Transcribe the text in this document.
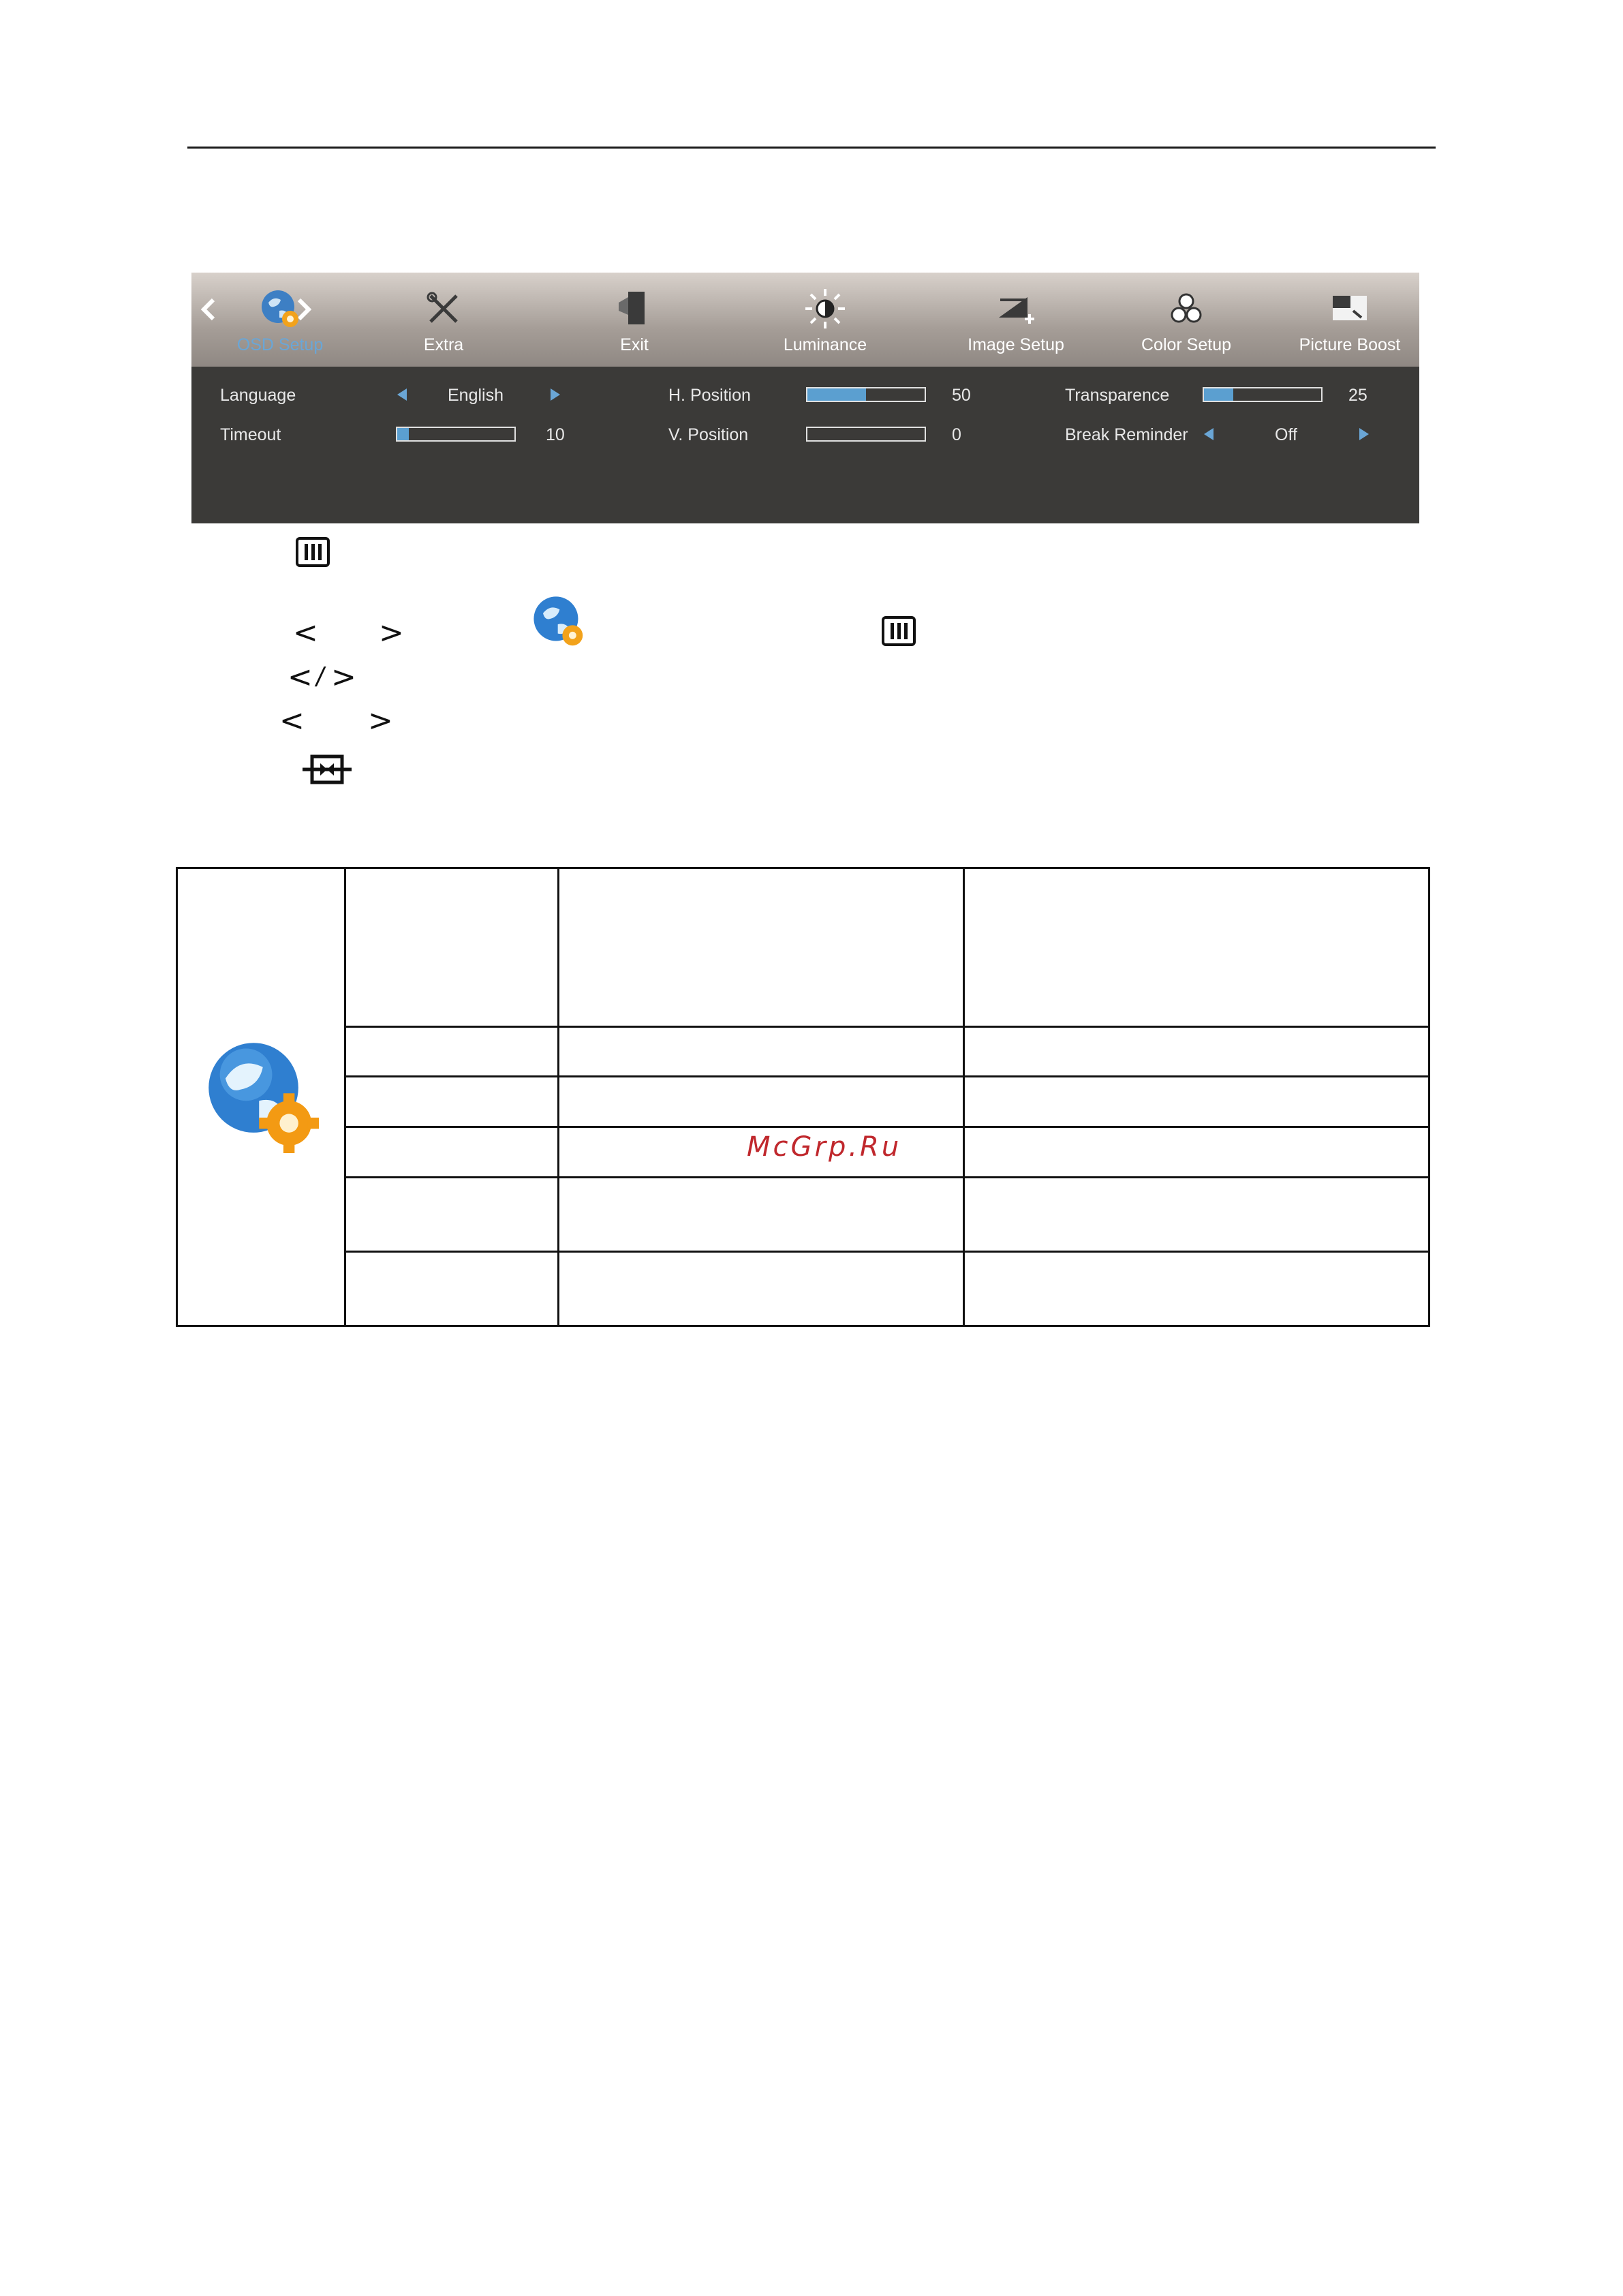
OSD Setup	Extra	Exit	Luminance	Image Setup	Color Setup	Picture Boost
Language	English
Timeout	10
H. Position	50
V. Position	0
Transparence	25
Break Reminder	Off
< >
< / >
< >

McGrp.Ru
